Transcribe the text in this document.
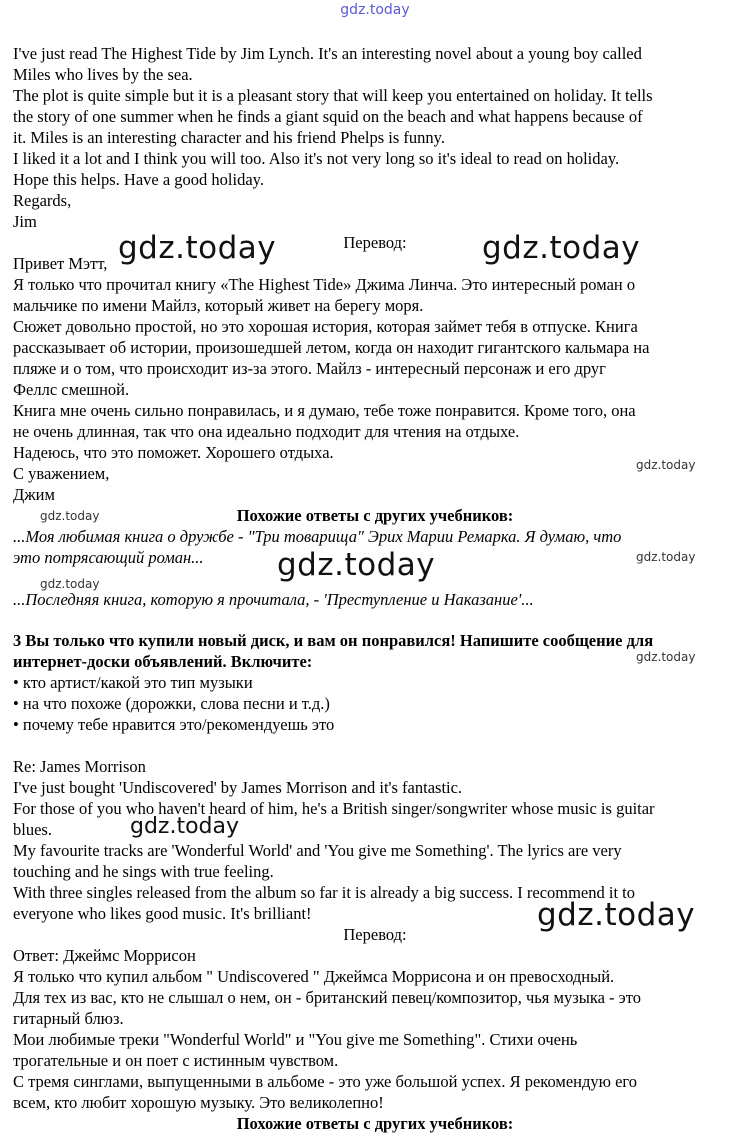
gdz.today
I've just read The Highest Tide by Jim Lynch. It's an interesting novel about a young boy called
Miles who lives by the sea.
The plot is quite simple but it is a pleasant story that will keep you entertained on holiday. It tells
the story of one summer when he finds a giant squid on the beach and what happens because of
it. Miles is an interesting character and his friend Phelps is funny.
I liked it a lot and I think you will too. Also it's not very long so it's ideal to read on holiday.
Hope this helps. Have a good holiday.
Regards,
Jim
Перевод:
Привет Мэтт,
Я только что прочитал книгу «The Highest Tide» Джима Линча. Это интересный роман о
мальчике по имени Майлз, который живет на берегу моря.
Сюжет довольно простой, но это хорошая история, которая займет тебя в отпуске. Книга
рассказывает об истории, произошедшей летом, когда он находит гигантского кальмара на
пляже и о том, что происходит из-за этого. Майлз - интересный персонаж и его друг
Феллс смешной.
Книга мне очень сильно понравилась, и я думаю, тебе тоже понравится. Кроме того, она
не очень длинная, так что она идеально подходит для чтения на отдыхе.
Надеюсь, что это поможет. Хорошего отдыха.
С уважением,
Джим
Похожие ответы с других учебников:
...Моя любимая книга о дружбе - "Три товарища" Эрих Марии Ремарка. Я думаю, что
это потрясающий роман...
...Последняя книга, которую я прочитала, - 'Преступление и Наказание'...
3 Вы только что купили новый диск, и вам он понравился! Напишите сообщение для
интернет-доски объявлений. Включите:
• кто артист/какой это тип музыки
• на что похоже (дорожки, слова песни и т.д.)
• почему тебе нравится это/рекомендуешь это
Re: James Morrison
I've just bought 'Undiscovered' by James Morrison and it's fantastic.
For those of you who haven't heard of him, he's a British singer/songwriter whose music is guitar
blues.
My favourite tracks are 'Wonderful World' and 'You give me Something'. The lyrics are very
touching and he sings with true feeling.
With three singles released from the album so far it is already a big success. I recommend it to
everyone who likes good music. It's brilliant!
Перевод:
Ответ: Джеймс Моррисон
Я только что купил альбом " Undiscovered " Джеймса Моррисона и он превосходный.
Для тех из вас, кто не слышал о нем, он - британский певец/композитор, чья музыка - это
гитарный блюз.
Мои любимые треки "Wonderful World" и "You give me Something". Стихи очень
трогательные и он поет с истинным чувством.
С тремя синглами, выпущенными в альбоме - это уже большой успех. Я рекомендую его
всем, кто любит хорошую музыку. Это великолепно!
Похожие ответы с других учебников:
gdz.today	gdz.today
gdz.today
gdz.today
gdz.today
gdz.today
gdz.today
gdz.today
gdz.today
gdz.today
